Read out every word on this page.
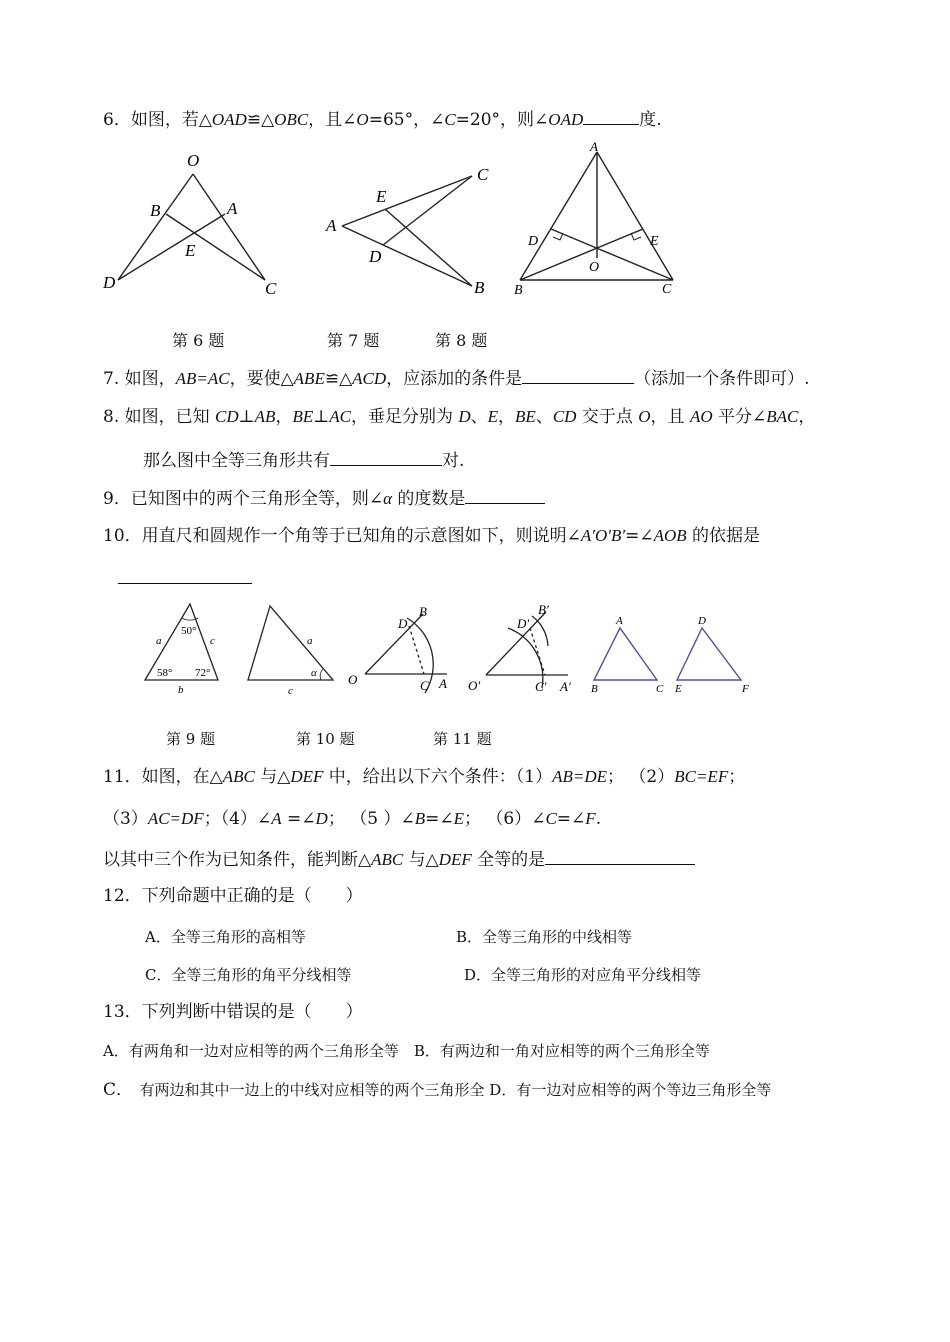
6．如图，若△OAD≌△OBC，且∠O=65°，∠C=20°，则∠OAD	度.
O
B	A
E
D	C
A
E
D
C
B
A
D	E
O
B	C
第 6 题	第 7 题	第 8 题
7. 如图，AB=AC，要使△ABE≌△ACD，应添加的条件是	（添加一个条件即可）.
8. 如图，已知 CD⊥AB，BE⊥AC，垂足分别为 D、E，BE、CD 交于点 O，且 AO 平分∠BAC，
那么图中全等三角形共有	对.
9．已知图中的两个三角形全等，则∠α 的度数是
10．用直尺和圆规作一个角等于已知角的示意图如下，则说明∠A′O′B′=∠AOB 的依据是
50°
58° 72°
a	c
b
a
α
c
D
B
O	C A
D′
B′
O′	C′ A′
A
B	C
D
E	F
第 9 题	第 10 题	第 11 题
11．如图，在△ABC 与△DEF 中，给出以下六个条件：（1）AB=DE； （2）BC=EF；
（3）AC=DF；（4）∠A =∠D； （5 ）∠B=∠E； （6）∠C=∠F.
以其中三个作为已知条件，能判断△ABC 与△DEF 全等的是
12．下列命题中正确的是（　　）
A．全等三角形的高相等	B．全等三角形的中线相等
C．全等三角形的角平分线相等	D．全等三角形的对应角平分线相等
13．下列判断中错误的是（　　）
A．有两角和一边对应相等的两个三角形全等　B．有两边和一角对应相等的两个三角形全等
C．　有两边和其中一边上的中线对应相等的两个三角形全 D．有一边对应相等的两个等边三角形全等
